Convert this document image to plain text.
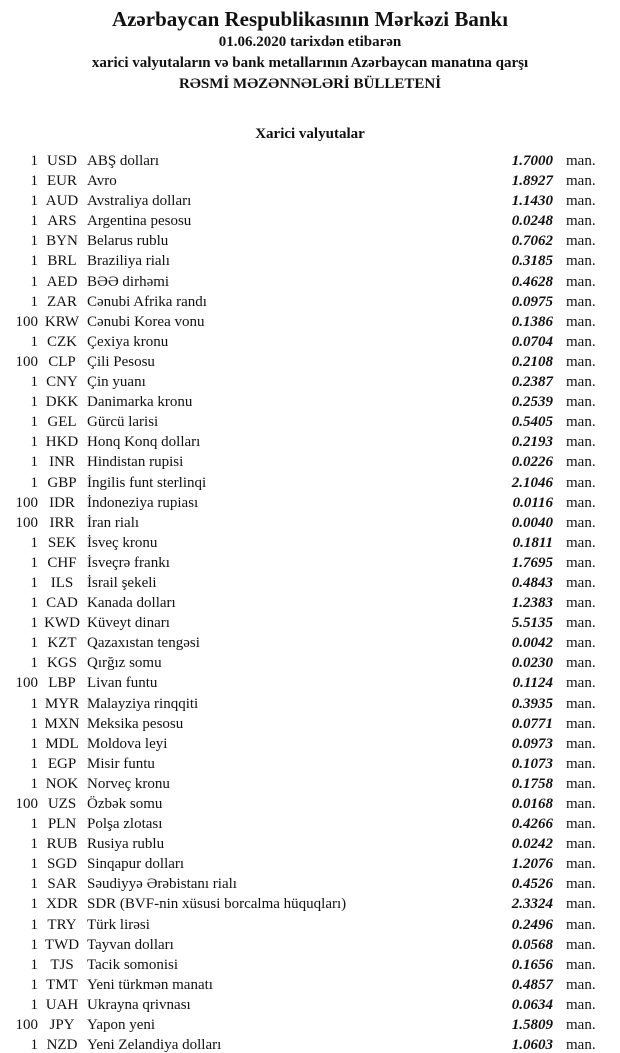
Azərbaycan Respublikasının Mərkəzi Bankı

01.06.2020 tarixdən etibarən

xarici valyutaların və bank metallarının Azərbaycan manatına qarşı

RƏSMİ MƏZƏNNƏLƏRİ BÜLLETENİ

Xarici valyutalar
1 USD ABŞ dolları	1.7000 man.
1 EUR Avro	1.8927 man.
1 AUD Avstraliya dolları	1.1430 man.
1 ARS Argentina pesosu	0.0248 man.
1 BYN Belarus rublu	0.7062 man.
1 BRL Braziliya rialı	0.3185 man.
1 AED BƏƏ dirhəmi	0.4628 man.
1 ZAR Cənubi Afrika randı	0.0975 man.
100 KRW Cənubi Korea vonu	0.1386 man.
1 CZK Çexiya kronu	0.0704 man.
100 CLP Çili Pesosu	0.2108 man.
1 CNY Çin yuanı	0.2387 man.
1 DKK Danimarka kronu	0.2539 man.
1 GEL Gürcü larisi	0.5405 man.
1 HKD Honq Konq dolları	0.2193 man.
1 INR Hindistan rupisi	0.0226 man.
1 GBP İngilis funt sterlinqi	2.1046 man.
100 IDR İndoneziya rupiası	0.0116 man.
100 IRR İran rialı	0.0040 man.
1 SEK İsveç kronu	0.1811 man.
1 CHF İsveçrə frankı	1.7695 man.
1 ILS İsrail şekeli	0.4843 man.
1 CAD Kanada dolları	1.2383 man.
1 KWD Küveyt dinarı	5.5135 man.
1 KZT Qazaxıstan tengəsi	0.0042 man.
1 KGS Qırğız somu	0.0230 man.
100 LBP Livan funtu	0.1124 man.
1 MYR Malayziya rinqqiti	0.3935 man.
1 MXN Meksika pesosu	0.0771 man.
1 MDL Moldova leyi	0.0973 man.
1 EGP Misir funtu	0.1073 man.
1 NOK Norveç kronu	0.1758 man.
100 UZS Özbək somu	0.0168 man.
1 PLN Polşa zlotası	0.4266 man.
1 RUB Rusiya rublu	0.0242 man.
1 SGD Sinqapur dolları	1.2076 man.
1 SAR Səudiyyə Ərəbistanı rialı	0.4526 man.
1 XDR SDR (BVF-nin xüsusi borcalma hüquqları)	2.3324 man.
1 TRY Türk lirəsi	0.2496 man.
1 TWD Tayvan dolları	0.0568 man.
1 TJS Tacik somonisi	0.1656 man.
1 TMT Yeni türkmən manatı	0.4857 man.
1 UAH Ukrayna qrivnası	0.0634 man.
100 JPY Yapon yeni	1.5809 man.
1 NZD Yeni Zelandiya dolları	1.0603 man.
